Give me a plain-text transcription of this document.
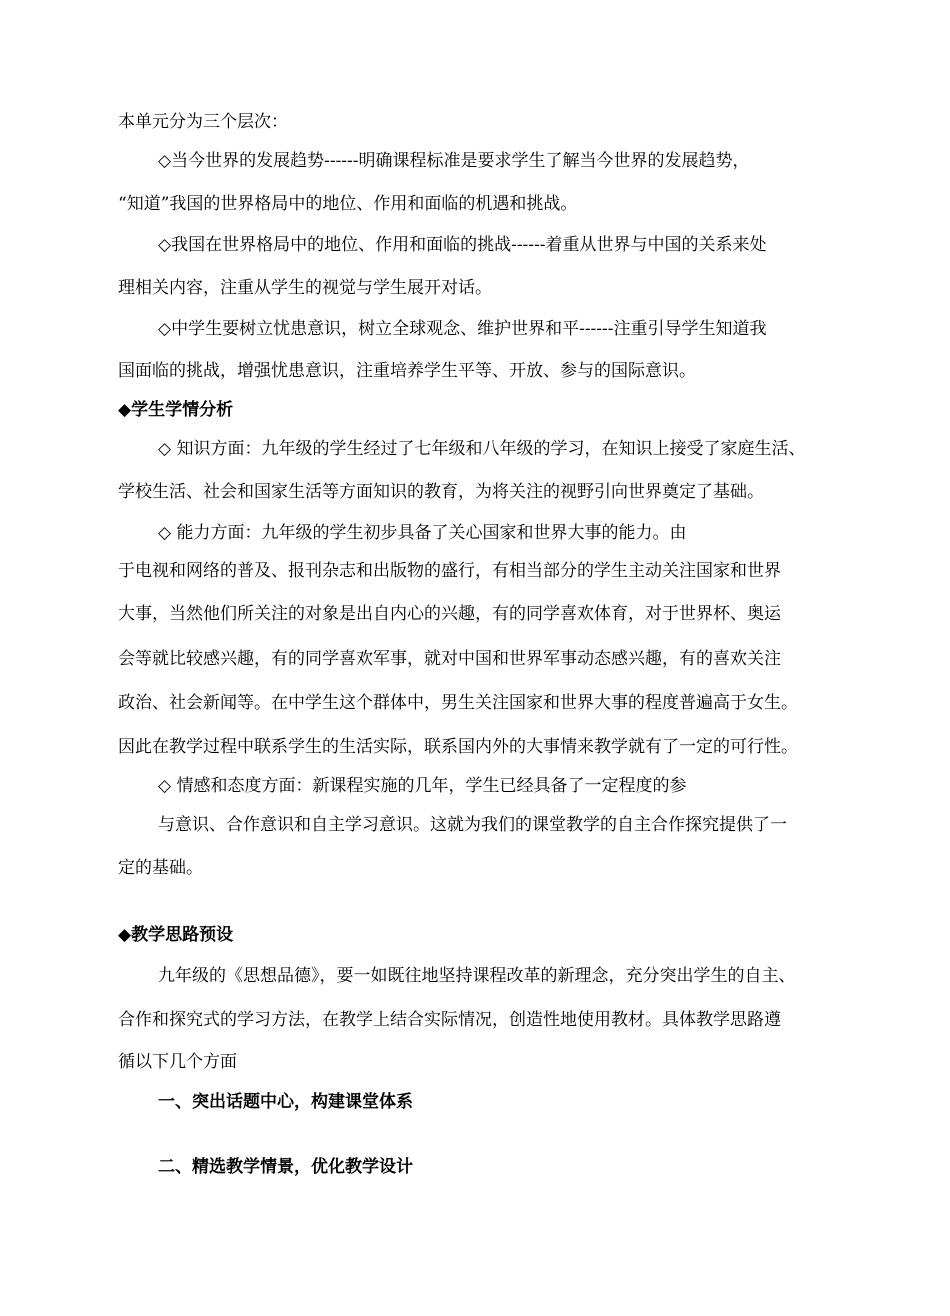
本单元分为三个层次：
◇当今世界的发展趋势------明确课程标准是要求学生了解当今世界的发展趋势，
“知道”我国的世界格局中的地位、作用和面临的机遇和挑战。
◇我国在世界格局中的地位、作用和面临的挑战------着重从世界与中国的关系来处
理相关内容，注重从学生的视觉与学生展开对话。
◇中学生要树立忧患意识，树立全球观念、维护世界和平------注重引导学生知道我
国面临的挑战，增强忧患意识，注重培养学生平等、开放、参与的国际意识。
◆学生学情分析
◇ 知识方面：九年级的学生经过了七年级和八年级的学习，在知识上接受了家庭生活、
学校生活、社会和国家生活等方面知识的教育，为将关注的视野引向世界奠定了基础。
◇ 能力方面：九年级的学生初步具备了关心国家和世界大事的能力。由
于电视和网络的普及、报刊杂志和出版物的盛行，有相当部分的学生主动关注国家和世界
大事，当然他们所关注的对象是出自内心的兴趣，有的同学喜欢体育，对于世界杯、奥运
会等就比较感兴趣，有的同学喜欢军事，就对中国和世界军事动态感兴趣，有的喜欢关注
政治、社会新闻等。在中学生这个群体中，男生关注国家和世界大事的程度普遍高于女生。
因此在教学过程中联系学生的生活实际，联系国内外的大事情来教学就有了一定的可行性。
◇ 情感和态度方面：新课程实施的几年，学生已经具备了一定程度的参
与意识、合作意识和自主学习意识。这就为我们的课堂教学的自主合作探究提供了一
定的基础。
◆教学思路预设
九年级的《思想品德》，要一如既往地坚持课程改革的新理念，充分突出学生的自主、
合作和探究式的学习方法，在教学上结合实际情况，创造性地使用教材。具体教学思路遵
循以下几个方面
一、突出话题中心，构建课堂体系
二、精选教学情景，优化教学设计
